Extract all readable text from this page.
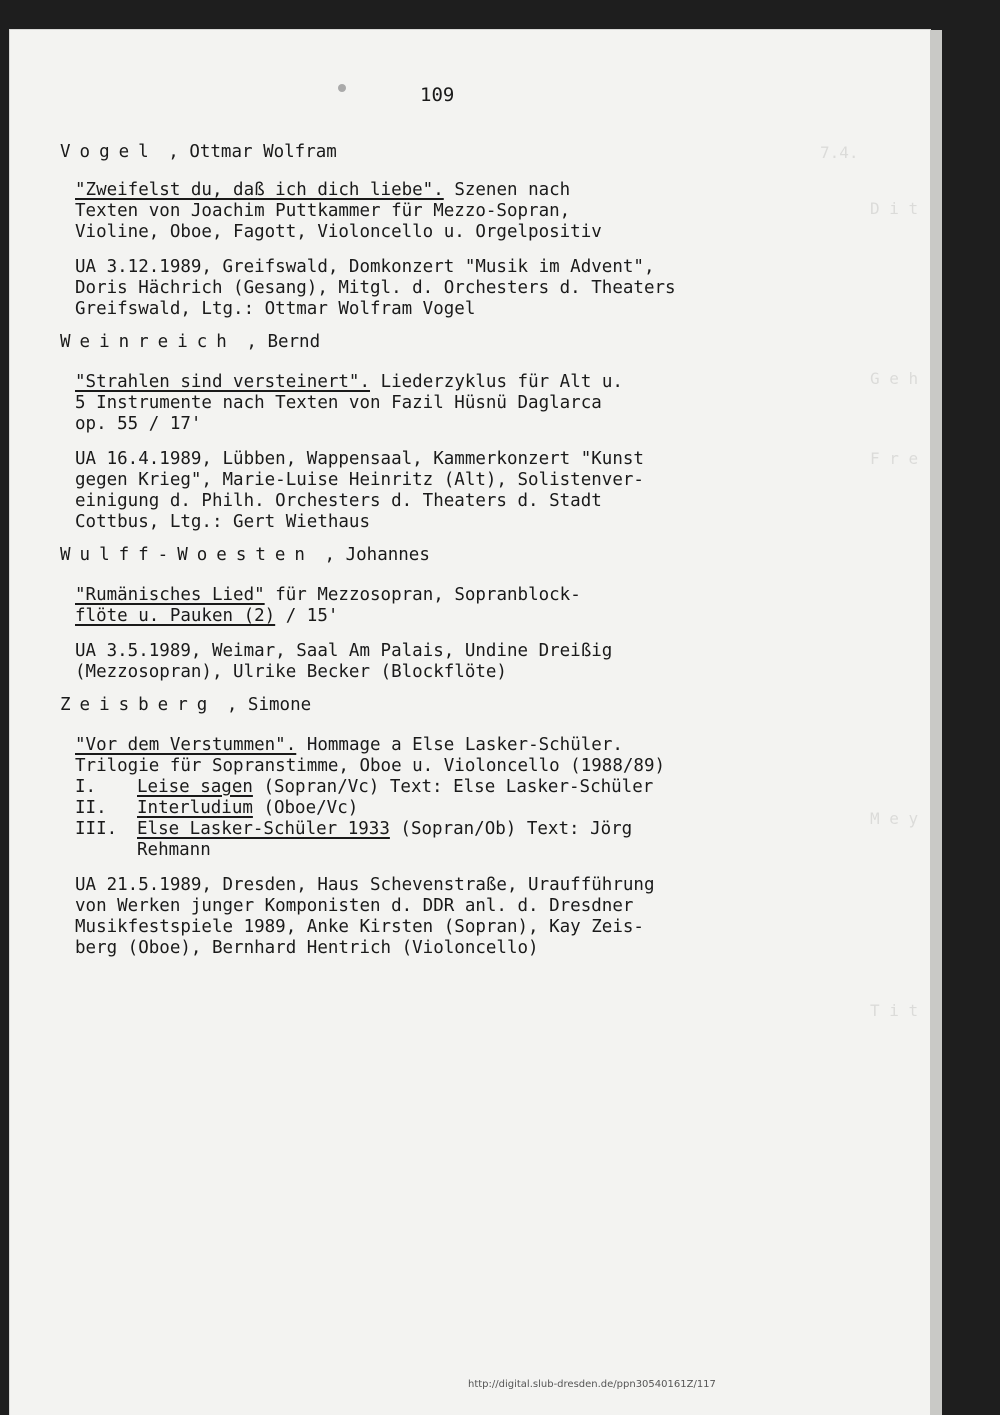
7.4.
D i t
G e h
F r e
M e y
T i t
109
Vogel , Ottmar Wolfram
"Zweifelst du, daß ich dich liebe". Szenen nach
Texten von Joachim Puttkammer für Mezzo-Sopran,
Violine, Oboe, Fagott, Violoncello u. Orgelpositiv
UA 3.12.1989, Greifswald, Domkonzert "Musik im Advent",
Doris Hächrich (Gesang), Mitgl. d. Orchesters d. Theaters
Greifswald, Ltg.: Ottmar Wolfram Vogel
Weinreich , Bernd
"Strahlen sind versteinert". Liederzyklus für Alt u.
5 Instrumente nach Texten von Fazil Hüsnü Daglarca
op. 55 / 17'
UA 16.4.1989, Lübben, Wappensaal, Kammerkonzert "Kunst
gegen Krieg", Marie-Luise Heinritz (Alt), Solistenver-
einigung d. Philh. Orchesters d. Theaters d. Stadt
Cottbus, Ltg.: Gert Wiethaus
Wulff-Woesten , Johannes
"Rumänisches Lied" für Mezzosopran, Sopranblock-
flöte u. Pauken (2) / 15'
UA 3.5.1989, Weimar, Saal Am Palais, Undine Dreißig
(Mezzosopran), Ulrike Becker (Blockflöte)
Zeisberg , Simone
"Vor dem Verstummen". Hommage a Else Lasker-Schüler.
Trilogie für Sopranstimme, Oboe u. Violoncello (1988/89)
I. Leise sagen (Sopran/Vc) Text: Else Lasker-Schüler
II. Interludium (Oboe/Vc)
III. Else Lasker-Schüler 1933 (Sopran/Ob) Text: Jörg
Rehmann
UA 21.5.1989, Dresden, Haus Schevenstraße, Uraufführung
von Werken junger Komponisten d. DDR anl. d. Dresdner
Musikfestspiele 1989, Anke Kirsten (Sopran), Kay Zeis-
berg (Oboe), Bernhard Hentrich (Violoncello)
http://digital.slub-dresden.de/ppn30540161Z/117
